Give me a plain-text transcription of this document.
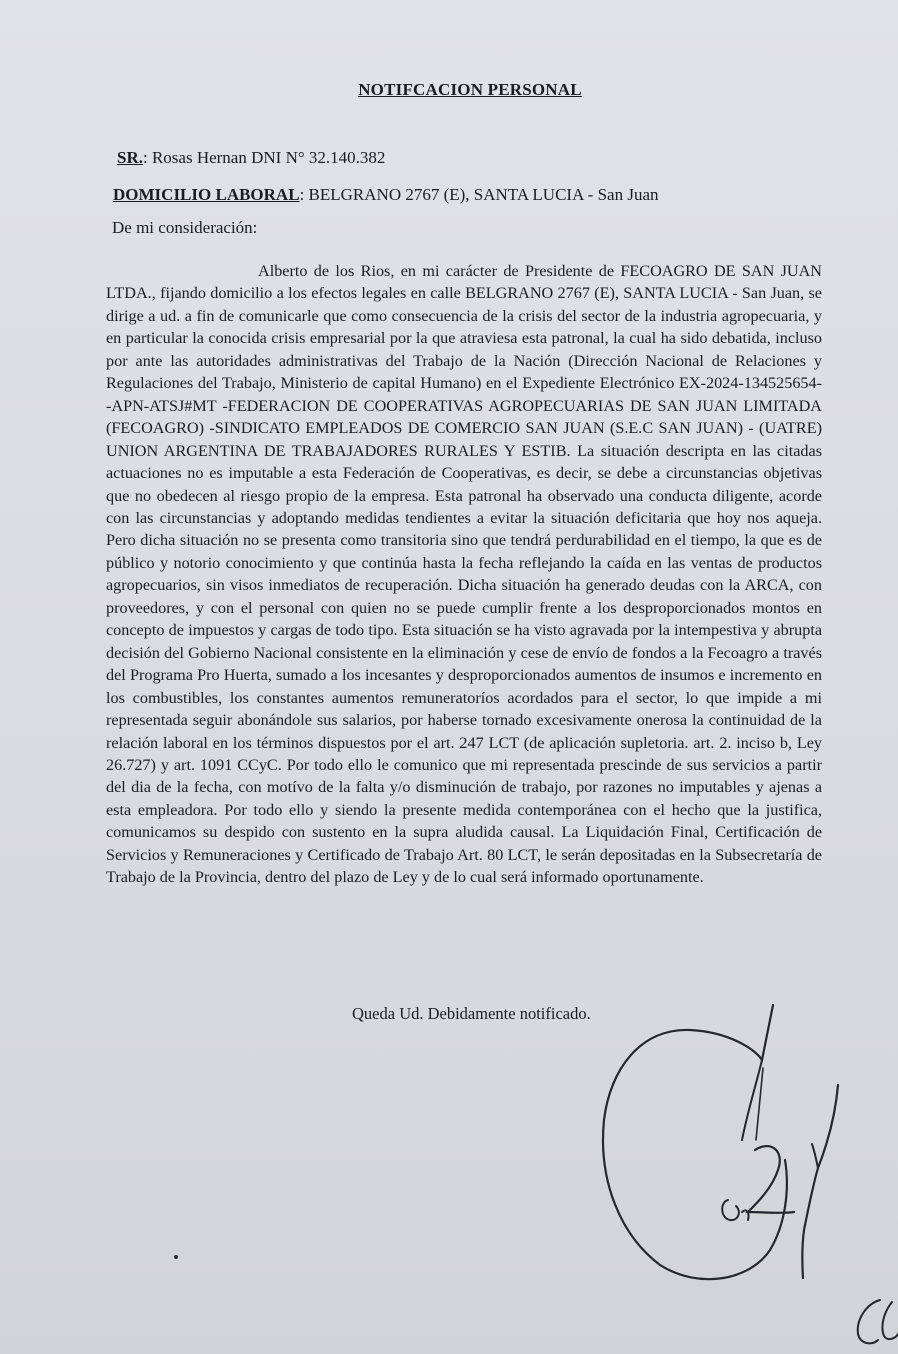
NOTIFCACION PERSONAL
SR.: Rosas Hernan DNI N° 32.140.382
DOMICILIO LABORAL: BELGRANO 2767 (E), SANTA LUCIA - San Juan
De mi consideración:

Alberto de los Rios, en mi carácter de Presidente de FECOAGRO DE SAN JUAN LTDA., fijando domicilio a los efectos legales en calle BELGRANO 2767 (E), SANTA LUCIA - San Juan, se dirige a ud. a fin de comunicarle que como consecuencia de la crisis del sector de la industria agropecuaria, y en particular la conocida crisis empresarial por la que atraviesa esta patronal, la cual ha sido debatida, incluso por ante las autoridades administrativas del Trabajo de la Nación (Dirección Nacional de Relaciones y Regulaciones del Trabajo, Ministerio de capital Humano) en el Expediente Electrónico EX-2024-134525654- -APN-ATSJ#MT -FEDERACION DE COOPERATIVAS AGROPECUARIAS DE SAN JUAN LIMITADA (FECOAGRO) -SINDICATO EMPLEADOS DE COMERCIO SAN JUAN (S.E.C SAN JUAN) - (UATRE) UNION ARGENTINA DE TRABAJADORES RURALES Y ESTIB. La situación descripta en las citadas actuaciones no es imputable a esta Federación de Cooperativas, es decir, se debe a circunstancias objetivas que no obedecen al riesgo propio de la empresa. Esta patronal ha observado una conducta diligente, acorde con las circunstancias y adoptando medidas tendientes a evitar la situación deficitaria que hoy nos aqueja. Pero dicha situación no se presenta como transitoria sino que tendrá perdurabilidad en el tiempo, la que es de público y notorio conocimiento y que continúa hasta la fecha reflejando la caída en las ventas de productos agropecuarios, sin visos inmediatos de recuperación. Dicha situación ha generado deudas con la ARCA, con proveedores, y con el personal con quien no se puede cumplir frente a los desproporcionados montos en concepto de impuestos y cargas de todo tipo. Esta situación se ha visto agravada por la intempestiva y abrupta decisión del Gobierno Nacional consistente en la eliminación y cese de envío de fondos a la Fecoagro a través del Programa Pro Huerta, sumado a los incesantes y desproporcionados aumentos de insumos e incremento en los combustibles, los constantes aumentos remuneratoríos acordados para el sector, lo que impide a mi representada seguir abonándole sus salarios, por haberse tornado excesivamente onerosa la continuidad de la relación laboral en los términos dispuestos por el art. 247 LCT (de aplicación supletoria. art. 2. inciso b, Ley 26.727) y art. 1091 CCyC. Por todo ello le comunico que mi representada prescinde de sus servicios a partir del dia de la fecha, con motívo de la falta y/o disminución de trabajo, por razones no imputables y ajenas a esta empleadora. Por todo ello y siendo la presente medida contemporánea con el hecho que la justifica, comunicamos su despido con sustento en la supra aludida causal. La Liquidación Final, Certificación de Servicios y Remuneraciones y Certificado de Trabajo Art. 80 LCT, le serán depositadas en la Subsecretaría de Trabajo de la Provincia, dentro del plazo de Ley y de lo cual será informado oportunamente.

Queda Ud. Debidamente notificado.
